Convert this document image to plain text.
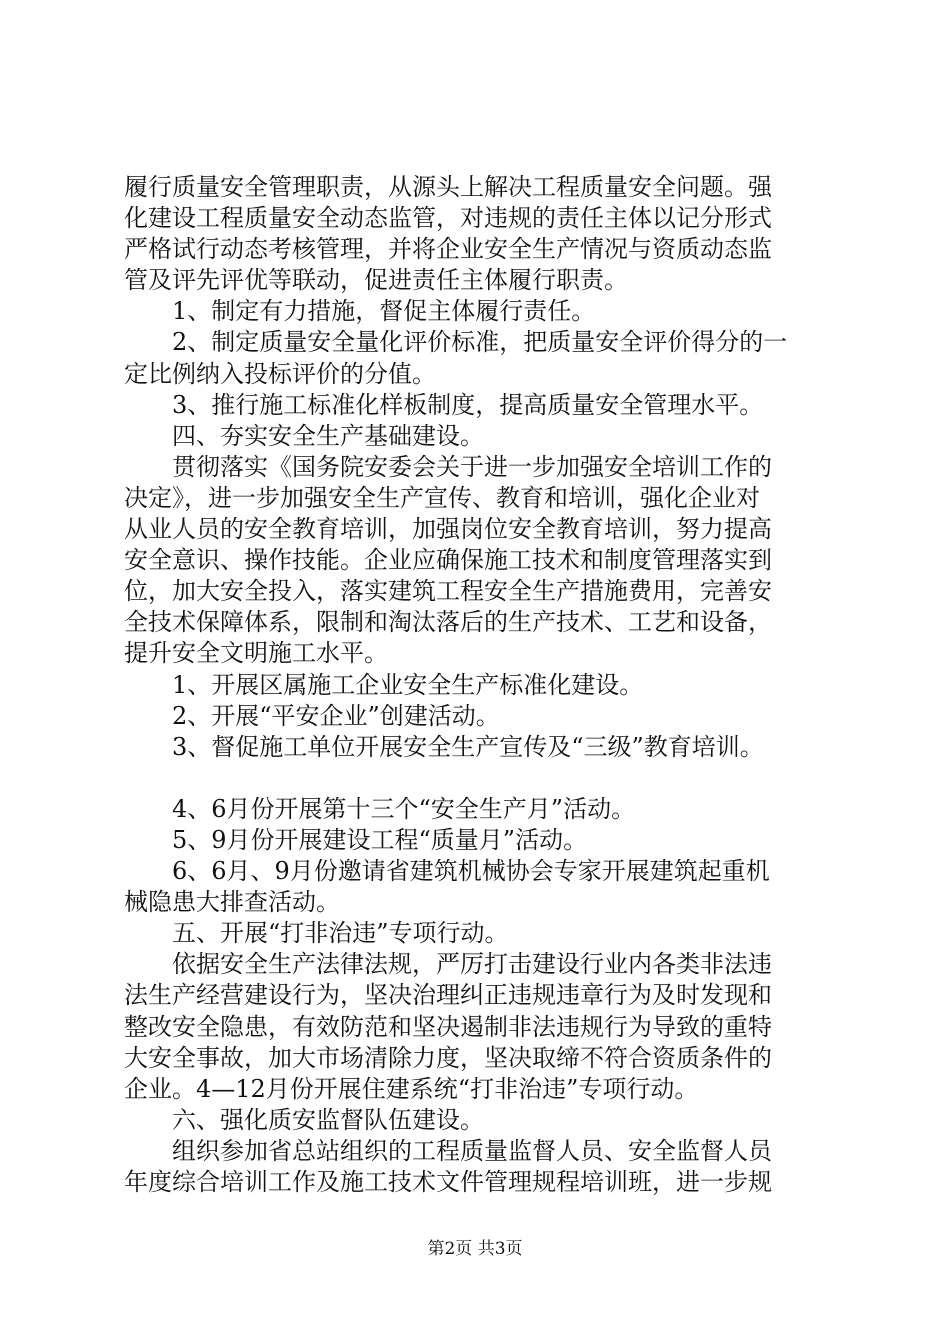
履行质量安全管理职责，从源头上解决工程质量安全问题。强
化建设工程质量安全动态监管，对违规的责任主体以记分形式
严格试行动态考核管理，并将企业安全生产情况与资质动态监
管及评先评优等联动，促进责任主体履行职责。
1、制定有力措施，督促主体履行责任。
2、制定质量安全量化评价标准，把质量安全评价得分的一
定比例纳入投标评价的分值。
3、推行施工标准化样板制度，提高质量安全管理水平。
四、夯实安全生产基础建设。
贯彻落实《国务院安委会关于进一步加强安全培训工作的
决定》，进一步加强安全生产宣传、教育和培训，强化企业对
从业人员的安全教育培训，加强岗位安全教育培训，努力提高
安全意识、操作技能。企业应确保施工技术和制度管理落实到
位，加大安全投入，落实建筑工程安全生产措施费用，完善安
全技术保障体系，限制和淘汰落后的生产技术、工艺和设备，
提升安全文明施工水平。
1、开展区属施工企业安全生产标准化建设。
2、开展“平安企业”创建活动。
3、督促施工单位开展安全生产宣传及“三级”教育培训。
4、6月份开展第十三个“安全生产月”活动。
5、9月份开展建设工程“质量月”活动。
6、6月、9月份邀请省建筑机械协会专家开展建筑起重机
械隐患大排查活动。
五、开展“打非治违”专项行动。
依据安全生产法律法规，严厉打击建设行业内各类非法违
法生产经营建设行为，坚决治理纠正违规违章行为及时发现和
整改安全隐患，有效防范和坚决遏制非法违规行为导致的重特
大安全事故，加大市场清除力度，坚决取缔不符合资质条件的
企业。4—12月份开展住建系统“打非治违”专项行动。
六、强化质安监督队伍建设。
组织参加省总站组织的工程质量监督人员、安全监督人员
年度综合培训工作及施工技术文件管理规程培训班，进一步规
第2页 共3页
